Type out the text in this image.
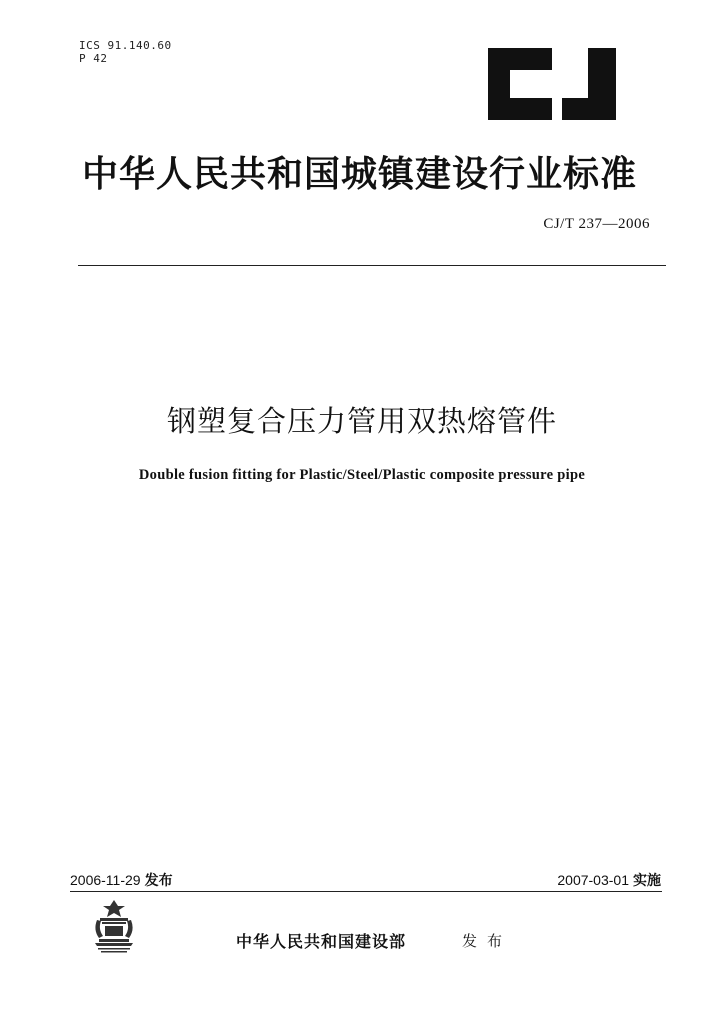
ICS 91.140.60
P 42
中华人民共和国城镇建设行业标准
CJ/T 237—2006
钢塑复合压力管用双热熔管件
Double fusion fitting for Plastic/Steel/Plastic composite pressure pipe
2006-11-29 发布	2007-03-01 实施
中华人民共和国建设部	发布
